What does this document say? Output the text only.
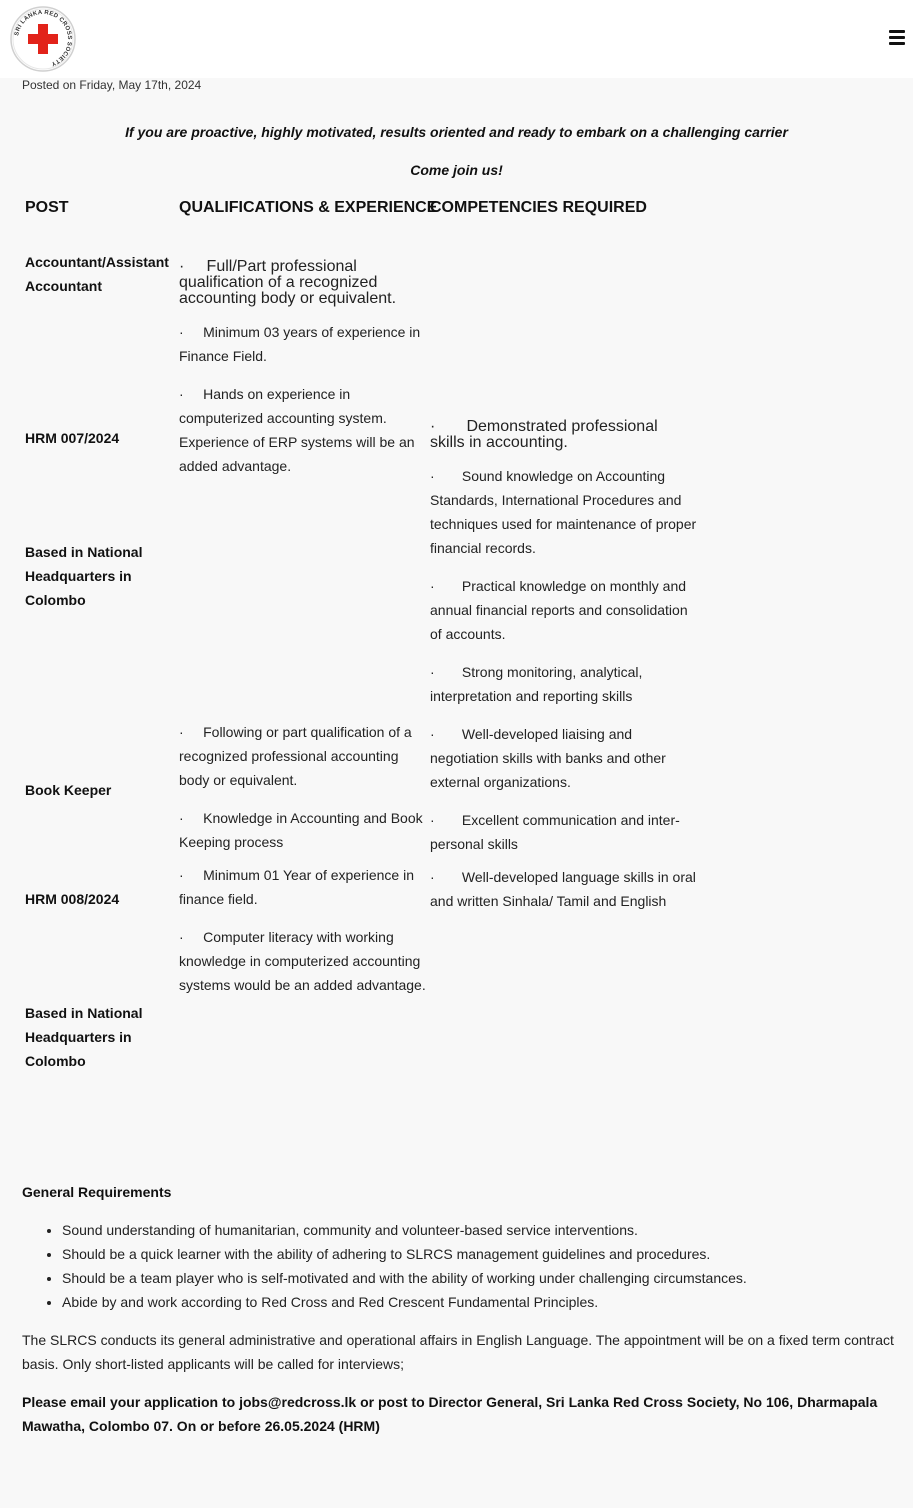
SRI LANKA RED CROSS SOCIETY
Posted on Friday, May 17th, 2024
If you are proactive, highly motivated, results oriented and ready to embark on a challenging carrier
Come join us!
POST	QUALIFICATIONS & EXPERIENCE
COMPETENCIES REQUIRED
Accountant/Assistant Accountant
HRM 007/2024
Based in National Headquarters in Colombo
Book Keeper
HRM 008/2024
Based in National Headquarters in Colombo
·     Full/Part professional qualification of a recognized accounting body or equivalent.
·     Minimum 03 years of experience in Finance Field.
·     Hands on experience in computerized accounting system. Experience of ERP systems will be an added advantage.
·     Following or part qualification of a recognized professional accounting body or equivalent.
·     Knowledge in Accounting and Book Keeping process
·     Minimum 01 Year of experience in finance field.
·     Computer literacy with working knowledge in computerized accounting systems would be an added advantage.
·       Demonstrated professional skills in accounting.
·       Sound knowledge on Accounting Standards, International Procedures and techniques used for maintenance of proper financial records.
·       Practical knowledge on monthly and annual financial reports and consolidation of accounts.
·       Strong monitoring, analytical, interpretation and reporting skills
·       Well-developed liaising and negotiation skills with banks and other external organizations.
·       Excellent communication and inter-personal skills
·       Well-developed language skills in oral and written Sinhala/ Tamil and English
General Requirements
• Sound understanding of humanitarian, community and volunteer-based service interventions.
• Should be a quick learner with the ability of adhering to SLRCS management guidelines and procedures.
• Should be a team player who is self-motivated and with the ability of working under challenging circumstances.
• Abide by and work according to Red Cross and Red Crescent Fundamental Principles.
The SLRCS conducts its general administrative and operational affairs in English Language. The appointment will be on a fixed term contract basis. Only short-listed applicants will be called for interviews;
Please email your application to jobs@redcross.lk or post to Director General, Sri Lanka Red Cross Society, No 106, Dharmapala Mawatha, Colombo 07. On or before 26.05.2024 (HRM)
